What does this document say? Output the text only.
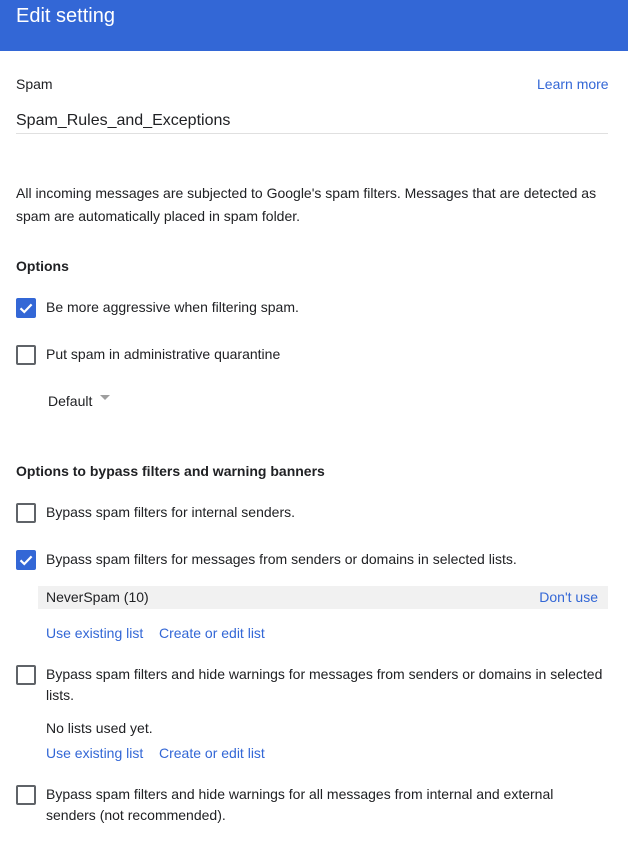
Edit setting
Spam	Learn more
Spam_Rules_and_Exceptions
All incoming messages are subjected to Google's spam filters. Messages that are detected as
spam are automatically placed in spam folder.
Options
Be more aggressive when filtering spam.
Put spam in administrative quarantine
Default
Options to bypass filters and warning banners
Bypass spam filters for internal senders.
Bypass spam filters for messages from senders or domains in selected lists.
NeverSpam (10)	Don't use
Use existing list Create or edit list
Bypass spam filters and hide warnings for messages from senders or domains in selected
lists.
No lists used yet.
Use existing list Create or edit list
Bypass spam filters and hide warnings for all messages from internal and external
senders (not recommended).
